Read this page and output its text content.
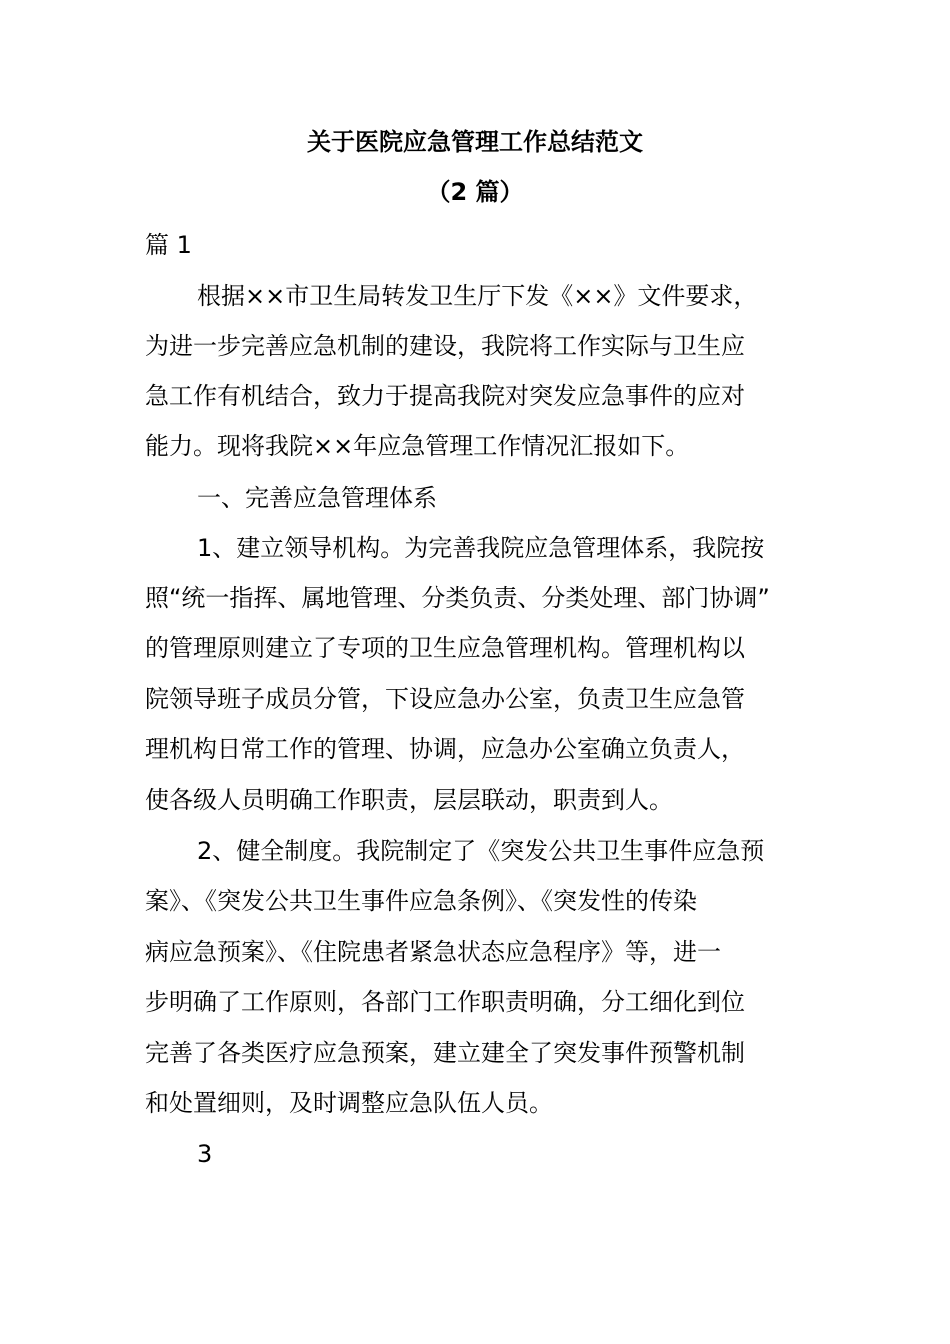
关于医院应急管理工作总结范文
（2 篇）
篇 1
根据××市卫生局转发卫生厅下发《××》文件要求，
为进一步完善应急机制的建设，我院将工作实际与卫生应
急工作有机结合，致力于提高我院对突发应急事件的应对
能力。现将我院××年应急管理工作情况汇报如下。
一、完善应急管理体系
1、建立领导机构。为完善我院应急管理体系，我院按
照“统一指挥、属地管理、分类负责、分类处理、部门协调”
的管理原则建立了专项的卫生应急管理机构。管理机构以
院领导班子成员分管，下设应急办公室，负责卫生应急管
理机构日常工作的管理、协调，应急办公室确立负责人，
使各级人员明确工作职责，层层联动，职责到人。
2、健全制度。我院制定了《突发公共卫生事件应急预
案》、《突发公共卫生事件应急条例》、《突发性的传染
病应急预案》、《住院患者紧急状态应急程序》等，进一
步明确了工作原则，各部门工作职责明确，分工细化到位
完善了各类医疗应急预案，建立建全了突发事件预警机制
和处置细则，及时调整应急队伍人员。
3
